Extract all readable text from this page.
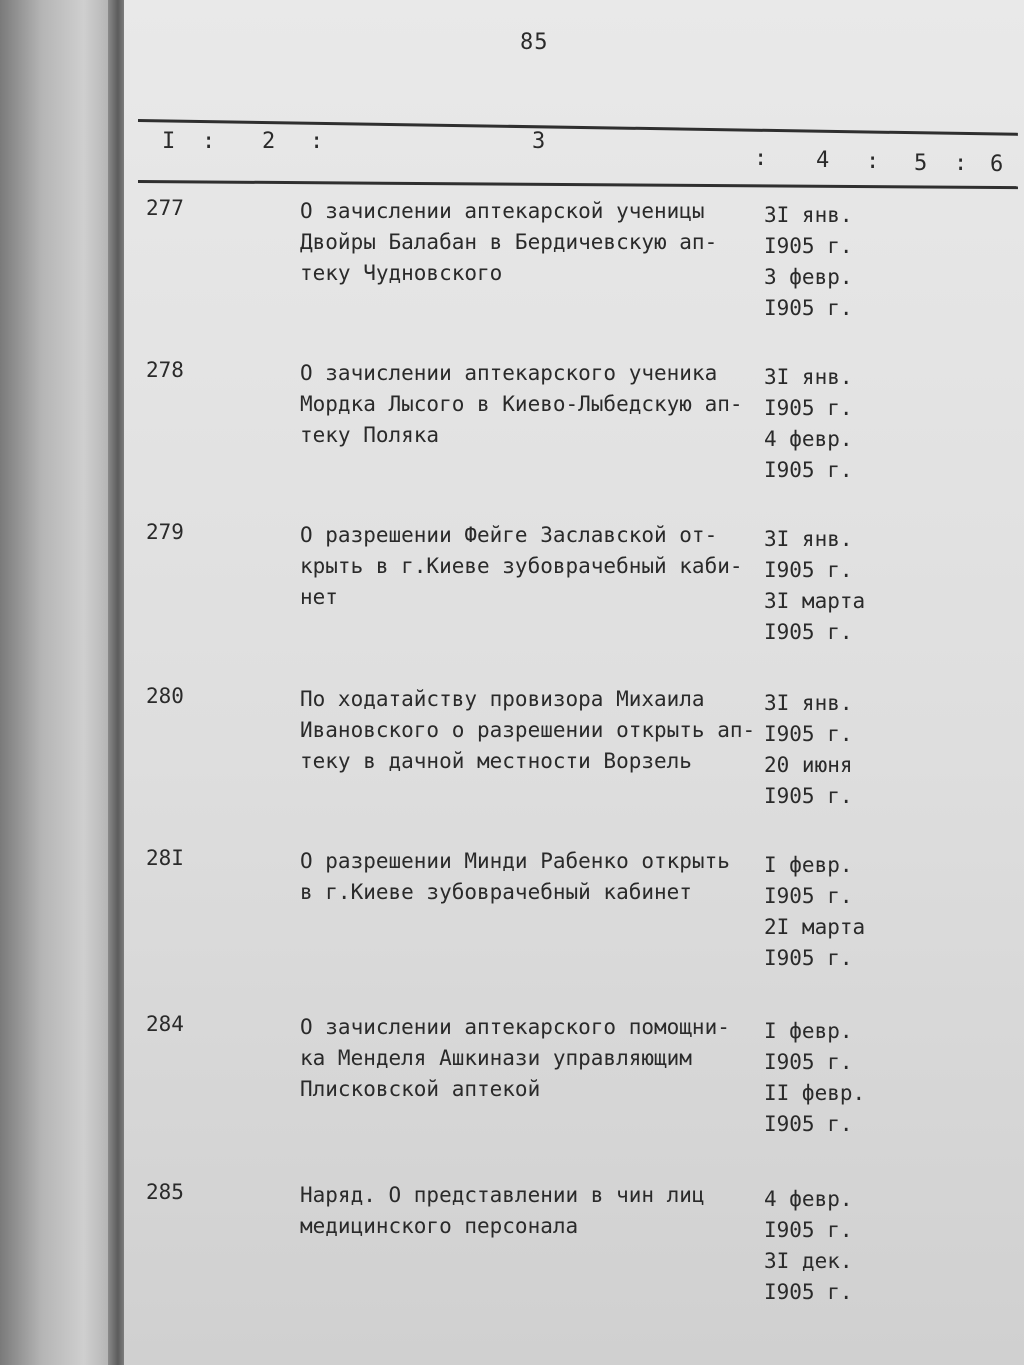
85
I : 2 :	3
: 4 : 5 : 6
277	О зачислении аптекарской ученицы
Двойры Балабан в Бердичевскую ап-
теку Чудновского
3I янв.
I905 г.
3 февр.
I905 г.
278	О зачислении аптекарского ученика
Мордка Лысого в Киево-Лыбедскую ап-
теку Поляка
3I янв.
I905 г.
4 февр.
I905 г.
279	О разрешении Фейге Заславской от-
крыть в г.Киеве зубоврачебный каби-
нет
3I янв.
I905 г.
3I марта
I905 г.
280	По ходатайству провизора Михаила
Ивановского о разрешении открыть ап-
теку в дачной местности Ворзель
3I янв.
I905 г.
20 июня
I905 г.
28I	О разрешении Минди Рабенко открыть
в г.Киеве зубоврачебный кабинет
I февр.
I905 г.
2I марта
I905 г.
284	О зачислении аптекарского помощни-
ка Менделя Ашкинази управляющим
Плисковской аптекой
I февр.
I905 г.
II февр.
I905 г.
285	Наряд. О представлении в чин лиц
медицинского персонала
4 февр.
I905 г.
3I дек.
I905 г.
